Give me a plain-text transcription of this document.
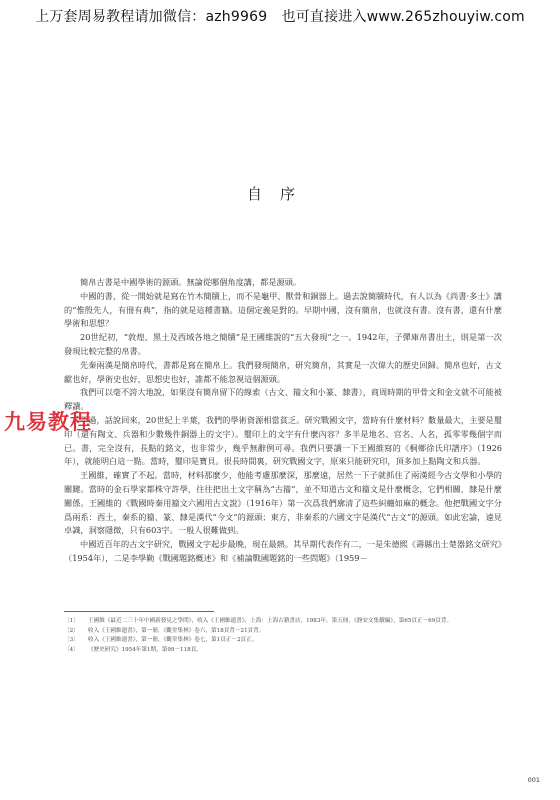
上万套周易教程请加微信：azh9969　也可直接进入www.265zhouyiw.com
自序

簡帛古書是中國學術的源頭。無論從哪個角度講，都是源頭。

中國的書，從一開始就是寫在竹木簡牘上，而不是龜甲、獸骨和銅器上。過去說簡牘時代，有人以為《尚書·多士》講的“惟殷先人，有冊有典”，指的就是這種書籍。這個定義是對的。早期中國，沒有簡帛，也就沒有書。沒有書，還有什麼學術和思想？

20世紀初，“敦煌、黑土及西域各地之簡牘”是王國維說的“五大發現”之一。1942年，子彈庫帛書出土，則是第一次發現比較完整的帛書。

先秦兩漢是簡帛時代，書都是寫在簡帛上。我們發現簡帛，研究簡帛，其實是一次偉大的歷史回歸。簡帛也好，古文獻也好，學術史也好，思想史也好，誰都不能忽視這個源頭。

我們可以毫不誇大地說，如果沒有簡帛留下的線索（古文、籀文和小篆、隸書），商周時期的甲骨文和金文就不可能被釋讀。

不過，話說回來，20世紀上半葉，我們的學術資源相當貧乏。研究戰國文字，當時有什麼材料？數量最大，主要是璽印（還有陶文、兵器和少數幾件銅器上的文字）。璽印上的文字有什麼內容？多半是地名、官名、人名，孤零零幾個字而已。書，完全沒有，長點的銘文，也非常少，幾乎無辭例可尋。我們只要讀一下王國維寫的《桐鄉徐氏印譜序》（1926年），就能明白這一點。當時，璽印是寶貝。很長時間裏，研究戰國文字，原來只能研究印，頂多加上點陶文和兵器。

王國維，確實了不起。當時，材料那麼少，他能考慮那麼深，那麼遠，居然一下子就抓住了兩漢經今古文學和小學的關鍵。當時的金石學家都株守許學，往往把出土文字稱為“古籀”，並不知道古文和籀文是什麼概念，它們相關，隸是什麼關係。王國維的《戰國時秦用籀文六國用古文說》（1916年）第一次爲我們廓清了這些糾纏如麻的概念。他把戰國文字分爲兩系：西土，秦系的籀、篆、隸是漢代“今文”的源頭；東方，非秦系的六國文字是漢代“古文”的源頭。如此宏論，遠見卓識，洞察隱微，只有603字。一般人很難做到。

中國近百年的古文字研究，戰國文字起步最晚，現在最熱。其早期代表作有二，一是朱德熙《壽縣出土楚器銘文研究》（1954年），二是李學勤《戰國題銘概述》和《補論戰國題銘的一些問題》（1959－

九易教程
〔1〕	王國維《最近二三十年中國新發見之學問》，收入《王國維遺書》，上海：上海古籍書店，1983年，第五冊，《靜安文集續編》，第65頁正－69頁背。
〔2〕	收入《王國維遺書》，第一冊，《觀堂集林》卷六，第18頁背－21頁背。
〔3〕	收入《王國維遺書》，第一冊，《觀堂集林》卷七，第1頁正－2頁正。
〔4〕	《歷史研究》1954年第1期，第99－118頁。
001
